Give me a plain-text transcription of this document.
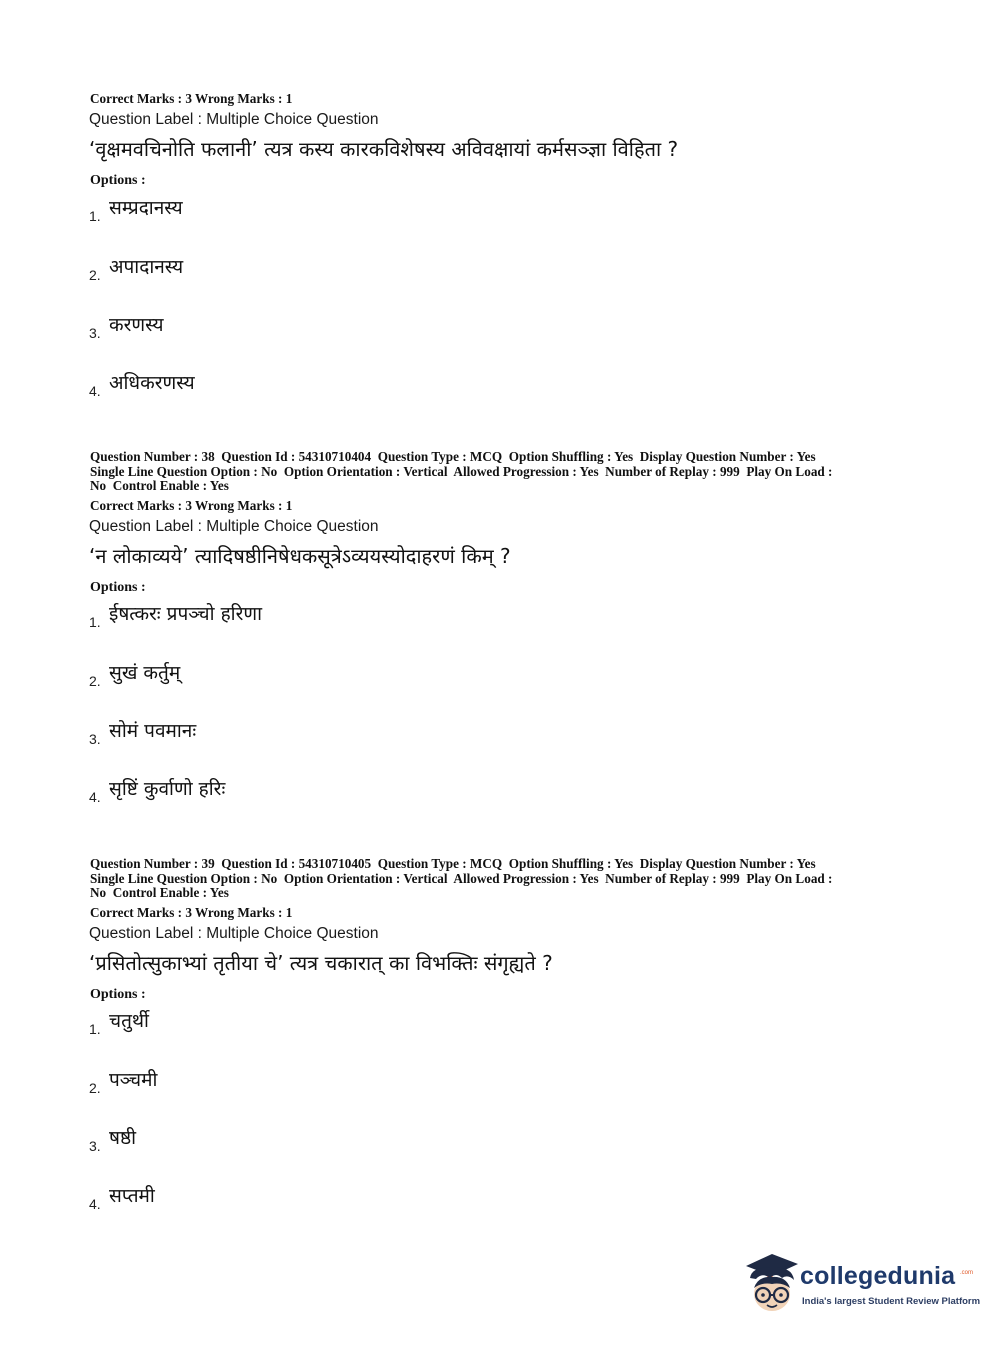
Correct Marks : 3 Wrong Marks : 1
Question Label : Multiple Choice Question
‘वृक्षमवचिनोति फलानी’ त्यत्र कस्य कारकविशेषस्य अविवक्षायां कर्मसञ्ज्ञा विहिता ?
Options :
1. सम्प्रदानस्य
2. अपादानस्य
3. करणस्य
4. अधिकरणस्य
Question Number : 38  Question Id : 54310710404  Question Type : MCQ  Option Shuffling : Yes  Display Question Number : Yes
Single Line Question Option : No  Option Orientation : Vertical  Allowed Progression : Yes  Number of Replay : 999  Play On Load :
No  Control Enable : Yes
Correct Marks : 3 Wrong Marks : 1
Question Label : Multiple Choice Question
‘न लोकाव्यये’ त्यादिषष्ठीनिषेधकसूत्रेऽव्ययस्योदाहरणं किम् ?
Options :
1. ईषत्करः प्रपञ्चो हरिणा
2. सुखं कर्तुम्
3. सोमं पवमानः
4. सृष्टिं कुर्वाणो हरिः
Question Number : 39  Question Id : 54310710405  Question Type : MCQ  Option Shuffling : Yes  Display Question Number : Yes
Single Line Question Option : No  Option Orientation : Vertical  Allowed Progression : Yes  Number of Replay : 999  Play On Load :
No  Control Enable : Yes
Correct Marks : 3 Wrong Marks : 1
Question Label : Multiple Choice Question
‘प्रसितोत्सुकाभ्यां तृतीया चे’ त्यत्र चकारात् का विभक्तिः संगृह्यते ?
Options :
1. चतुर्थी
2. पञ्चमी
3. षष्ठी
4. सप्तमी
collegedunia .com
India's largest Student Review Platform
